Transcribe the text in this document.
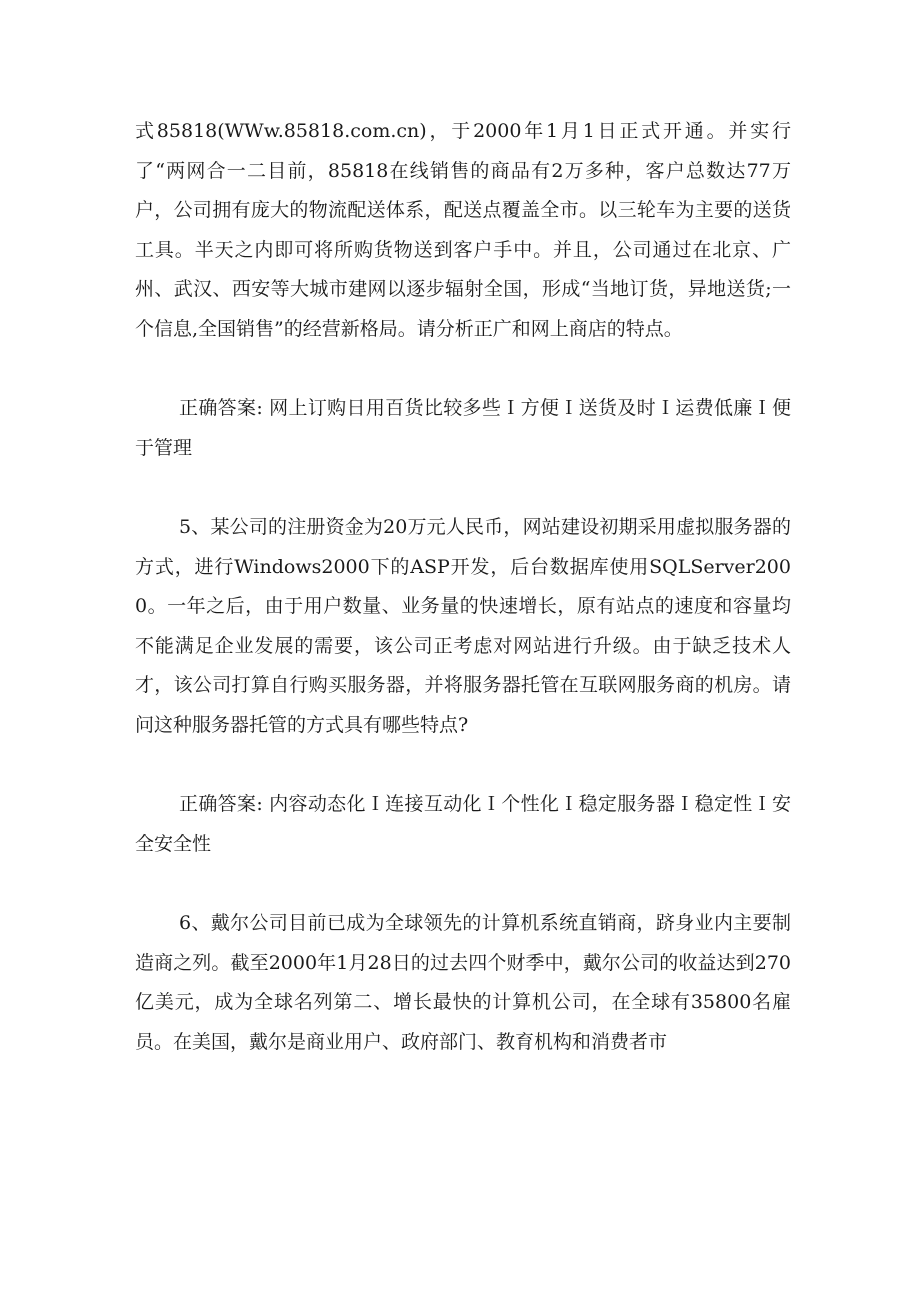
式85818(WWw.85818.com.cn)，于2000年1月1日正式开通。并实行了“两网合一二目前，85818在线销售的商品有2万多种，客户总数达77万户，公司拥有庞大的物流配送体系，配送点覆盖全市。以三轮车为主要的送货工具。半天之内即可将所购货物送到客户手中。并且，公司通过在北京、广州、武汉、西安等大城市建网以逐步辐射全国，形成“当地订货，异地送货;一个信息,全国销售”的经营新格局。请分析正广和网上商店的特点。

正确答案: 网上订购日用百货比较多些Ｉ方便Ｉ送货及时Ｉ运费低廉Ｉ便于管理

5、某公司的注册资金为20万元人民币，网站建设初期采用虚拟服务器的方式，进行Windows2000下的ASP开发，后台数据库使用SQLServer2000。一年之后，由于用户数量、业务量的快速增长，原有站点的速度和容量均不能满足企业发展的需要，该公司正考虑对网站进行升级。由于缺乏技术人才，该公司打算自行购买服务器，并将服务器托管在互联网服务商的机房。请问这种服务器托管的方式具有哪些特点?

正确答案: 内容动态化Ｉ连接互动化Ｉ个性化Ｉ稳定服务器Ｉ稳定性Ｉ安全安全性

6、戴尔公司目前已成为全球领先的计算机系统直销商，跻身业内主要制造商之列。截至2000年1月28日的过去四个财季中，戴尔公司的收益达到270亿美元，成为全球名列第二、增长最快的计算机公司，在全球有35800名雇员。在美国，戴尔是商业用户、政府部门、教育机构和消费者市
